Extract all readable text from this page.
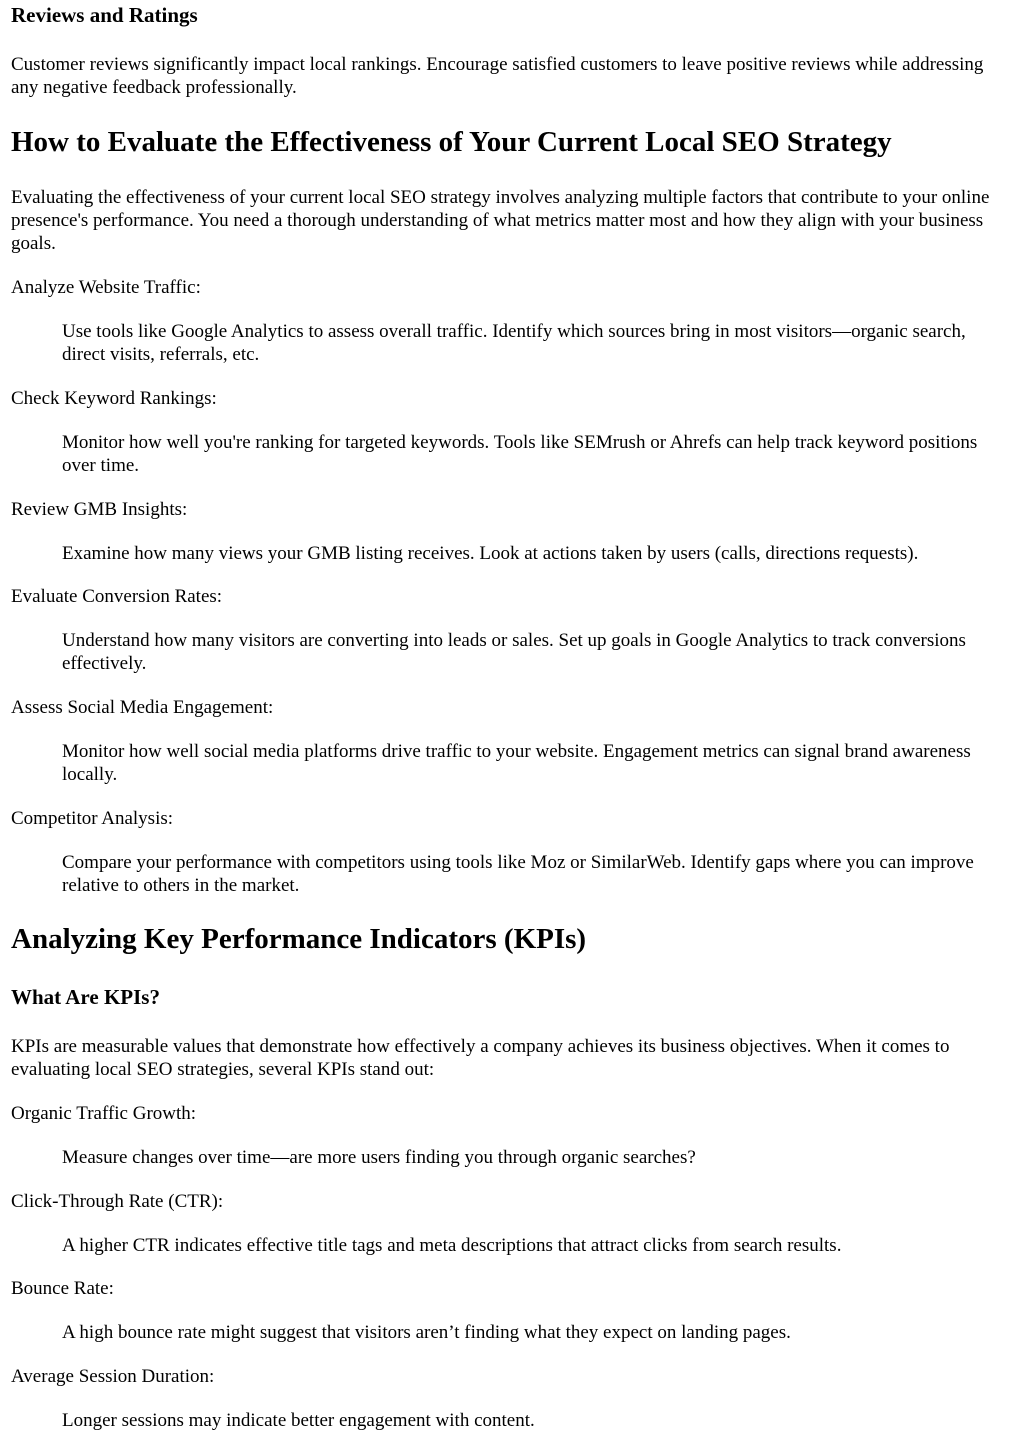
Reviews and Ratings

Customer reviews significantly impact local rankings. Encourage satisfied customers to leave positive reviews while addressing any negative feedback professionally.

How to Evaluate the Effectiveness of Your Current Local SEO Strategy

Evaluating the effectiveness of your current local SEO strategy involves analyzing multiple factors that contribute to your online presence's performance. You need a thorough understanding of what metrics matter most and how they align with your business goals.

Analyze Website Traffic:
Use tools like Google Analytics to assess overall traffic. Identify which sources bring in most visitors—organic search, direct visits, referrals, etc.
Check Keyword Rankings:
Monitor how well you're ranking for targeted keywords. Tools like SEMrush or Ahrefs can help track keyword positions over time.
Review GMB Insights:
Examine how many views your GMB listing receives. Look at actions taken by users (calls, directions requests).
Evaluate Conversion Rates:
Understand how many visitors are converting into leads or sales. Set up goals in Google Analytics to track conversions effectively.
Assess Social Media Engagement:
Monitor how well social media platforms drive traffic to your website. Engagement metrics can signal brand awareness locally.
Competitor Analysis:
Compare your performance with competitors using tools like Moz or SimilarWeb. Identify gaps where you can improve relative to others in the market.
Analyzing Key Performance Indicators (KPIs)
What Are KPIs?

KPIs are measurable values that demonstrate how effectively a company achieves its business objectives. When it comes to evaluating local SEO strategies, several KPIs stand out:

Organic Traffic Growth:
Measure changes over time—are more users finding you through organic searches?
Click-Through Rate (CTR):
A higher CTR indicates effective title tags and meta descriptions that attract clicks from search results.
Bounce Rate:
A high bounce rate might suggest that visitors aren’t finding what they expect on landing pages.
Average Session Duration:
Longer sessions may indicate better engagement with content.
